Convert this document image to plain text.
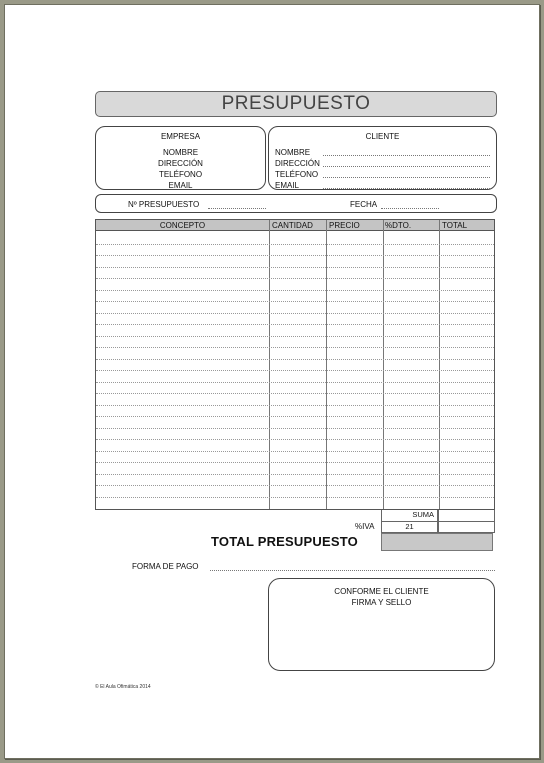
PRESUPUESTO
EMPRESA
NOMBRE
DIRECCIÓN
TELÉFONO
EMAIL
CLIENTE
NOMBRE
DIRECCIÓN
TELÉFONO
EMAIL
Nº PRESUPUESTO	FECHA
CONCEPTO	CANTIDAD	PRECIO	%DTO.	TOTAL
SUMA
%IVA	21
TOTAL PRESUPUESTO
FORMA DE PAGO
CONFORME EL CLIENTE
FIRMA Y SELLO
© El Aula Ofimática 2014
